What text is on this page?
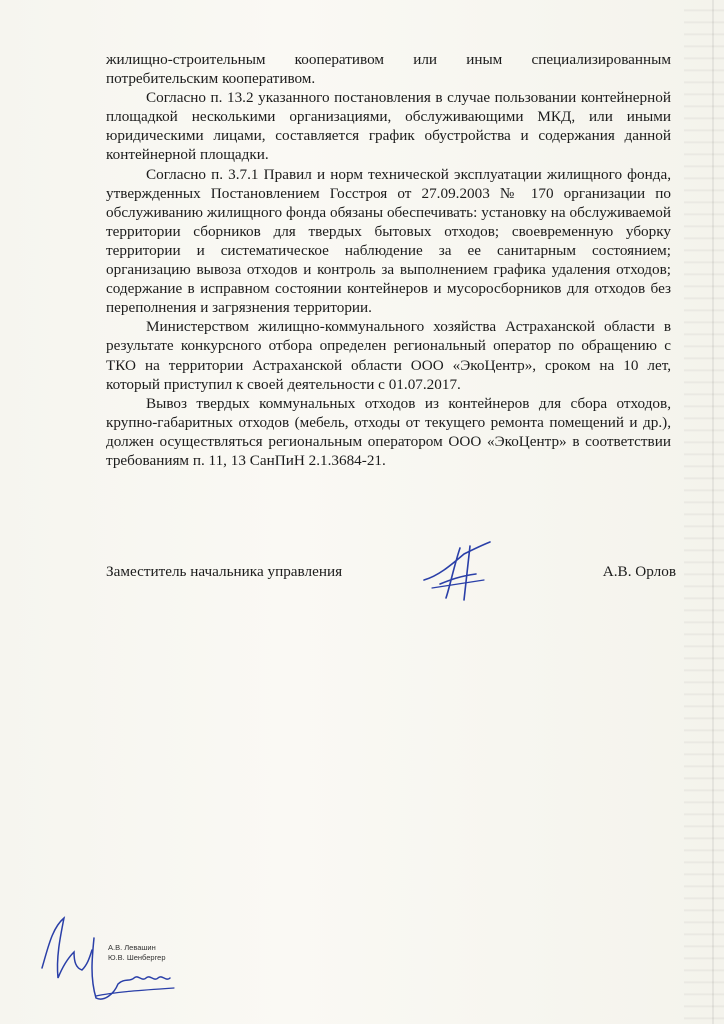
жилищно-строительным кооперативом или иным специализированным потребительским кооперативом.

Согласно п. 13.2 указанного постановления в случае пользовании контейнерной площадкой несколькими организациями, обслуживающими МКД, или иными юридическими лицами, составляется график обустройства и содержания данной контейнерной площадки.

Согласно п. 3.7.1 Правил и норм технической эксплуатации жилищного фонда, утвержденных Постановлением Госстроя от 27.09.2003 № 170 организации по обслуживанию жилищного фонда обязаны обеспечивать: установку на обслуживаемой территории сборников для твердых бытовых отходов; своевременную уборку территории и систематическое наблюдение за ее санитарным состоянием; организацию вывоза отходов и контроль за выполнением графика удаления отходов; содержание в исправном состоянии контейнеров и мусоросборников для отходов без переполнения и загрязнения территории.

Министерством жилищно-коммунального хозяйства Астраханской области в результате конкурсного отбора определен региональный оператор по обращению с ТКО на территории Астраханской области ООО «ЭкоЦентр», сроком на 10 лет, который приступил к своей деятельности с 01.07.2017.

Вывоз твердых коммунальных отходов из контейнеров для сбора отходов, крупно-габаритных отходов (мебель, отходы от текущего ремонта помещений и др.), должен осуществляться региональным оператором ООО «ЭкоЦентр» в соответствии требованиям п. 11, 13 СанПиН 2.1.3684-21.

Заместитель начальника управления	А.В. Орлов
А.В. Левашин
Ю.В. Шенбергер
